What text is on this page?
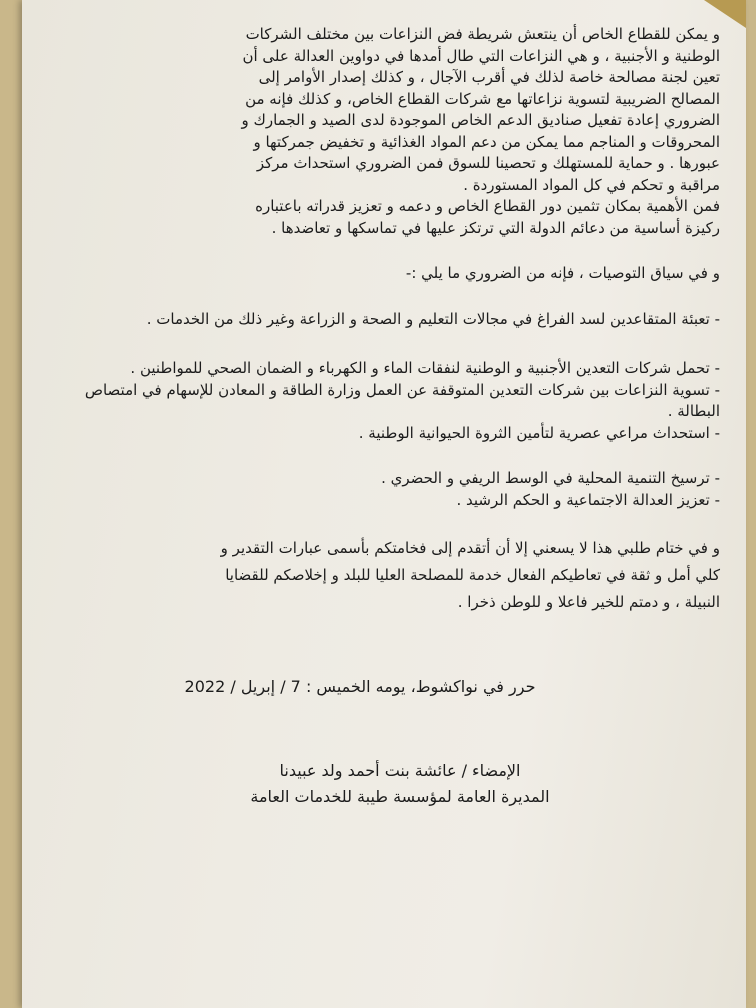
و يمكن للقطاع الخاص أن ينتعش شريطة فض النزاعات بين مختلف الشركات

الوطنية و الأجنبية ، و هي النزاعات التي طال أمدها في دواوين العدالة على أن

تعين لجنة مصالحة خاصة لذلك في أقرب الآجال ، و كذلك إصدار الأوامر إلى

المصالح الضريبية لتسوية نزاعاتها مع شركات القطاع الخاص، و كذلك فإنه من

الضروري إعادة تفعيل صناديق الدعم الخاص الموجودة لدى الصيد و الجمارك و

المحروقات و المناجم مما يمكن من دعم المواد الغذائية و تخفيض جمركتها و

عبورها . و حماية للمستهلك و تحصينا للسوق فمن الضروري استحداث مركز

مراقبة و تحكم في كل المواد المستوردة .

فمن الأهمية بمكان تثمين دور القطاع الخاص و دعمه و تعزيز قدراته باعتباره

ركيزة أساسية من دعائم الدولة التي ترتكز عليها في تماسكها و تعاضدها .

و في سياق التوصيات ، فإنه من الضروري ما يلي :-

- تعبئة المتقاعدين لسد الفراغ في مجالات التعليم و الصحة و الزراعة وغير ذلك من الخدمات .

- تحمل شركات التعدين الأجنبية و الوطنية لنفقات الماء و الكهرباء و الضمان الصحي للمواطنين .

- تسوية النزاعات بين شركات التعدين المتوقفة عن العمل وزارة الطاقة و المعادن للإسهام في امتصاص البطالة .

- استحداث مراعي عصرية لتأمين الثروة الحيوانية الوطنية .

- ترسيخ التنمية المحلية في الوسط الريفي و الحضري .

- تعزيز العدالة الاجتماعية و الحكم الرشيد .

و في ختام طلبي هذا لا يسعني إلا أن أتقدم إلى فخامتكم بأسمى عبارات التقدير و

كلي أمل و ثقة في تعاطيكم الفعال خدمة للمصلحة العليا للبلد و إخلاصكم للقضايا

النبيلة ، و دمتم للخير فاعلا و للوطن ذخرا .

حرر في نواكشوط، يومه الخميس : 7 / إبريل / 2022

الإمضاء / عائشة بنت أحمد ولد عبيدنا

المديرة العامة لمؤسسة طيبة للخدمات العامة
